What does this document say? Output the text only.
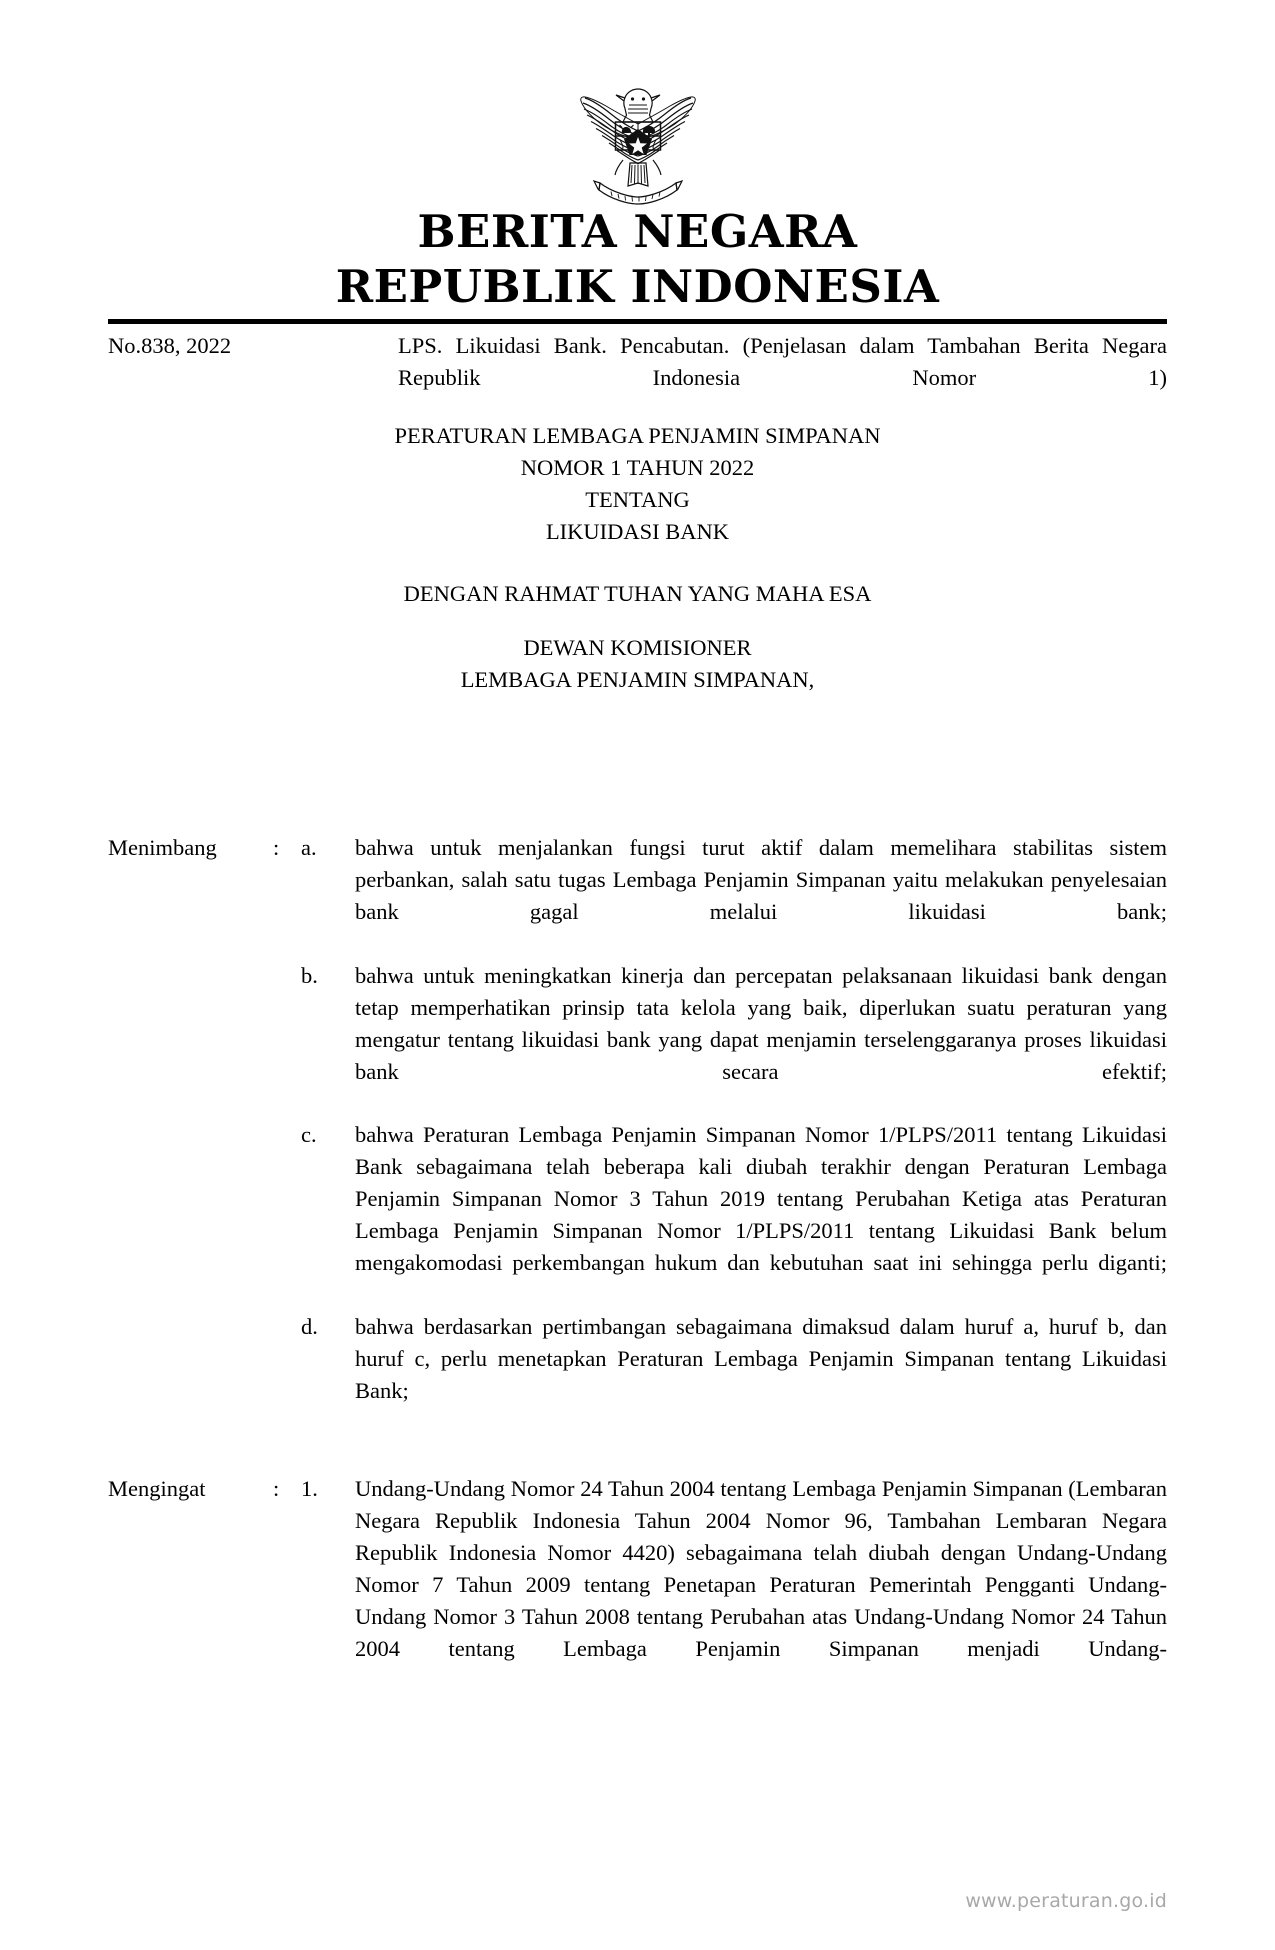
BERITA NEGARA
REPUBLIK INDONESIA
No.838, 2022	LPS. Likuidasi Bank. Pencabutan. (Penjelasan dalam Tambahan Berita Negara Republik Indonesia Nomor 1)
PERATURAN LEMBAGA PENJAMIN SIMPANAN
NOMOR 1 TAHUN 2022
TENTANG
LIKUIDASI BANK
DENGAN RAHMAT TUHAN YANG MAHA ESA
DEWAN KOMISIONER
LEMBAGA PENJAMIN SIMPANAN,
Menimbang	: a.	bahwa untuk menjalankan fungsi turut aktif dalam memelihara stabilitas sistem perbankan, salah satu tugas Lembaga Penjamin Simpanan yaitu melakukan penyelesaian bank gagal melalui likuidasi bank;
b.	bahwa untuk meningkatkan kinerja dan percepatan pelaksanaan likuidasi bank dengan tetap memperhatikan prinsip tata kelola yang baik, diperlukan suatu peraturan yang mengatur tentang likuidasi bank yang dapat menjamin terselenggaranya proses likuidasi bank secara efektif;
c.	bahwa Peraturan Lembaga Penjamin Simpanan Nomor 1/PLPS/2011 tentang Likuidasi Bank sebagaimana telah beberapa kali diubah terakhir dengan Peraturan Lembaga Penjamin Simpanan Nomor 3 Tahun 2019 tentang Perubahan Ketiga atas Peraturan Lembaga Penjamin Simpanan Nomor 1/PLPS/2011 tentang Likuidasi Bank belum mengakomodasi perkembangan hukum dan kebutuhan saat ini sehingga perlu diganti;
d.	bahwa berdasarkan pertimbangan sebagaimana dimaksud dalam huruf a, huruf b, dan huruf c, perlu menetapkan Peraturan Lembaga Penjamin Simpanan tentang Likuidasi Bank;
Mengingat	: 1.	Undang-Undang Nomor 24 Tahun 2004 tentang Lembaga Penjamin Simpanan (Lembaran Negara Republik Indonesia Tahun 2004 Nomor 96, Tambahan Lembaran Negara Republik Indonesia Nomor 4420) sebagaimana telah diubah dengan Undang-Undang Nomor 7 Tahun 2009 tentang Penetapan Peraturan Pemerintah Pengganti Undang-Undang Nomor 3 Tahun 2008 tentang Perubahan atas Undang-Undang Nomor 24 Tahun 2004 tentang Lembaga Penjamin Simpanan menjadi Undang-
www.peraturan.go.id
